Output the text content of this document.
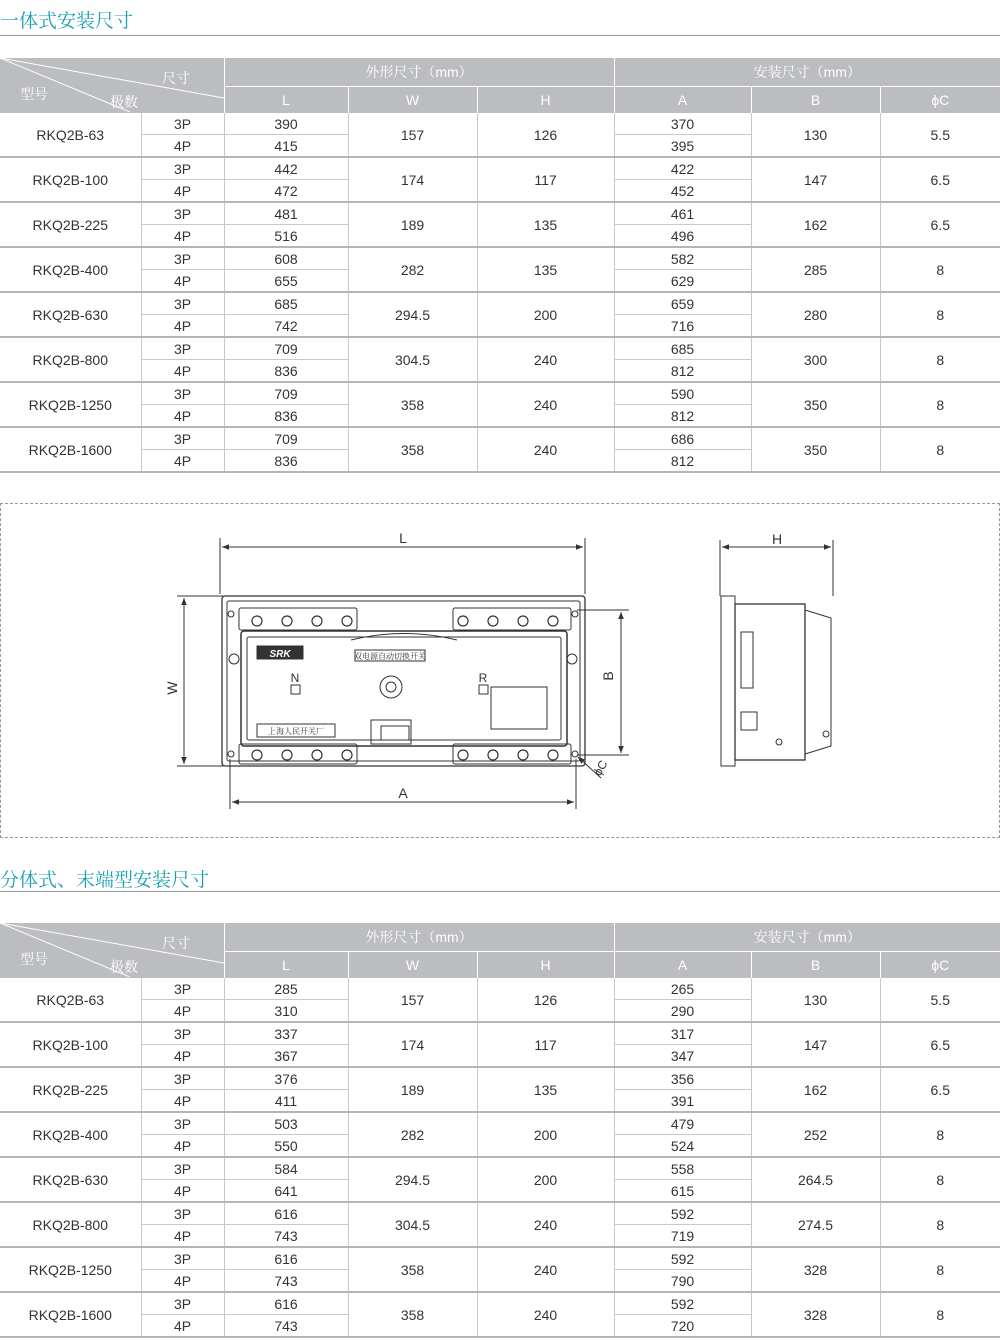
一体式安装尺寸
尺寸
型号 极数		外形尺寸（mm）			安装尺寸（mm）		
		L	W	H	A	B	ϕC
RKQ2B-63	3P	390	157	126	370	130	5.5
	4P	415			395		
RKQ2B-100	3P	442	174	117	422	147	6.5
	4P	472			452		
RKQ2B-225	3P	481	189	135	461	162	6.5
	4P	516			496		
RKQ2B-400	3P	608	282	135	582	285	8
	4P	655			629		
RKQ2B-630	3P	685	294.5	200	659	280	8
	4P	742			716		
RKQ2B-800	3P	709	304.5	240	685	300	8
	4P	836			812		
RKQ2B-1250	3P	709	358	240	590	350	8
	4P	836			812		
RKQ2B-1600	3P	709	358	240	686	350	8
	4P	836			812		
L
W
A
B
H
ϕC
N	R
SRK	双电源自动切换开关
上海人民开关厂
分体式、末端型安装尺寸
尺寸
型号 极数		外形尺寸（mm）			安装尺寸（mm）		
		L	W	H	A	B	ϕC
RKQ2B-63	3P	285	157	126	265	130	5.5
	4P	310			290		
RKQ2B-100	3P	337	174	117	317	147	6.5
	4P	367			347		
RKQ2B-225	3P	376	189	135	356	162	6.5
	4P	411			391		
RKQ2B-400	3P	503	282	200	479	252	8
	4P	550			524		
RKQ2B-630	3P	584	294.5	200	558	264.5	8
	4P	641			615		
RKQ2B-800	3P	616	304.5	240	592	274.5	8
	4P	743			719		
RKQ2B-1250	3P	616	358	240	592	328	8
	4P	743			790		
RKQ2B-1600	3P	616	358	240	592	328	8
	4P	743			720		
